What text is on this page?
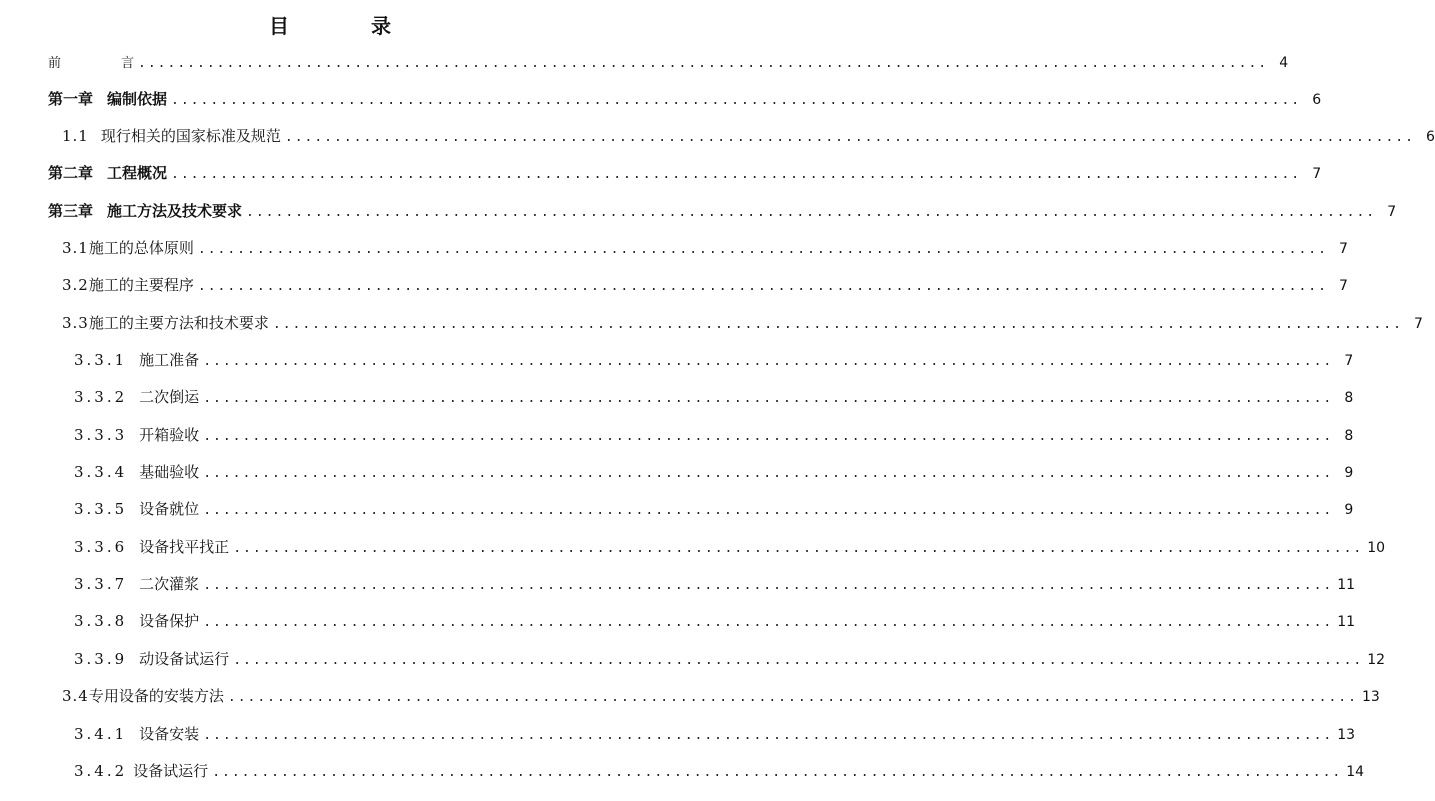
目	录
前	言 ................................................................................................................... 4
第一章 编制依据 ................................................................................................................... 6
1.1 现行相关的国家标准及规范 ................................................................................................................... 6
第二章 工程概况 ................................................................................................................... 7
第三章 施工方法及技术要求 ................................................................................................................... 7
3.1 施工的总体原则 ................................................................................................................... 7
3.2 施工的主要程序 ................................................................................................................... 7
3.3 施工的主要方法和技术要求 ................................................................................................................... 7
3.3.1 施工准备 ................................................................................................................... 7
3.3.2 二次倒运 ................................................................................................................... 8
3.3.3 开箱验收 ................................................................................................................... 8
3.3.4 基础验收 ................................................................................................................... 9
3.3.5 设备就位 ................................................................................................................... 9
3.3.6 设备找平找正 ................................................................................................................... 10
3.3.7 二次灌浆 ................................................................................................................... 11
3.3.8 设备保护 ................................................................................................................... 11
3.3.9 动设备试运行 ................................................................................................................... 12
3.4 专用设备的安装方法 ................................................................................................................... 13
3.4.1 设备安装 ................................................................................................................... 13
3.4.2 设备试运行 ................................................................................................................... 14
